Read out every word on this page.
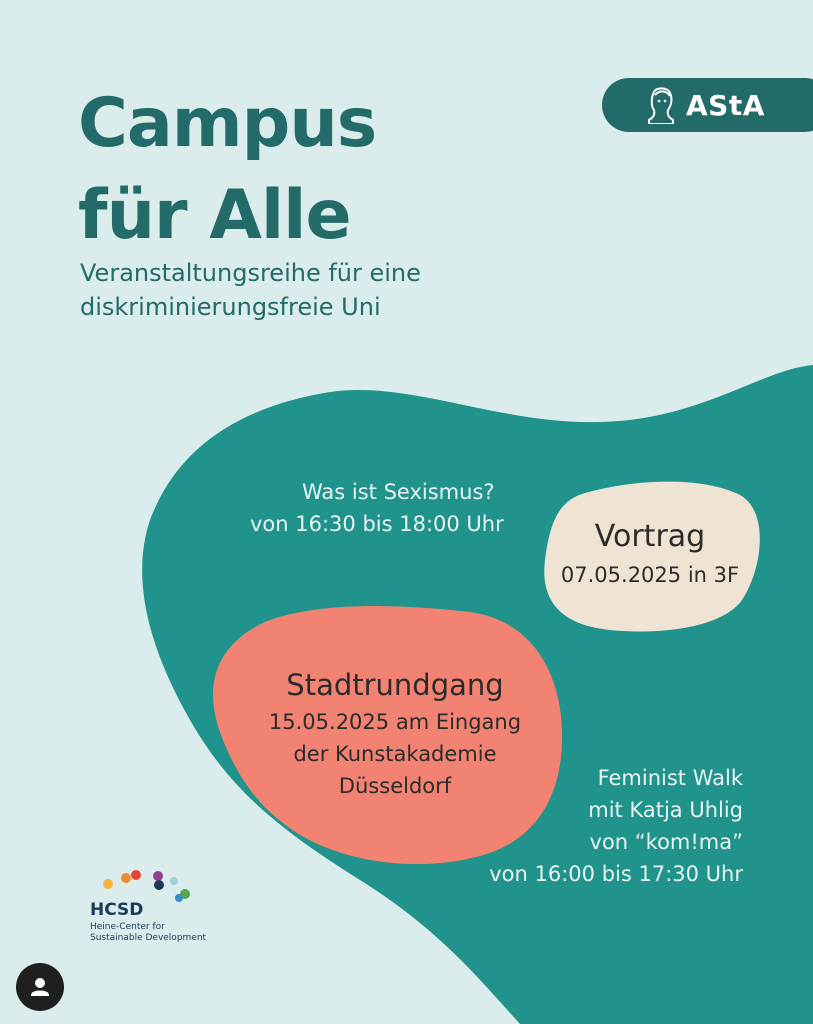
Campus
für Alle
Veranstaltungsreihe für eine
diskriminierungsfreie Uni
AStA
Was ist Sexismus?
von 16:30 bis 18:00 Uhr	Vortrag
07.05.2025 in 3F
Stadtrundgang
15.05.2025 am Eingang
der Kunstakademie
Düsseldorf	Feminist Walk
mit Katja Uhlig
von “kom!ma”
von 16:00 bis 17:30 Uhr
HCSD
Heine-Center for
Sustainable Development
